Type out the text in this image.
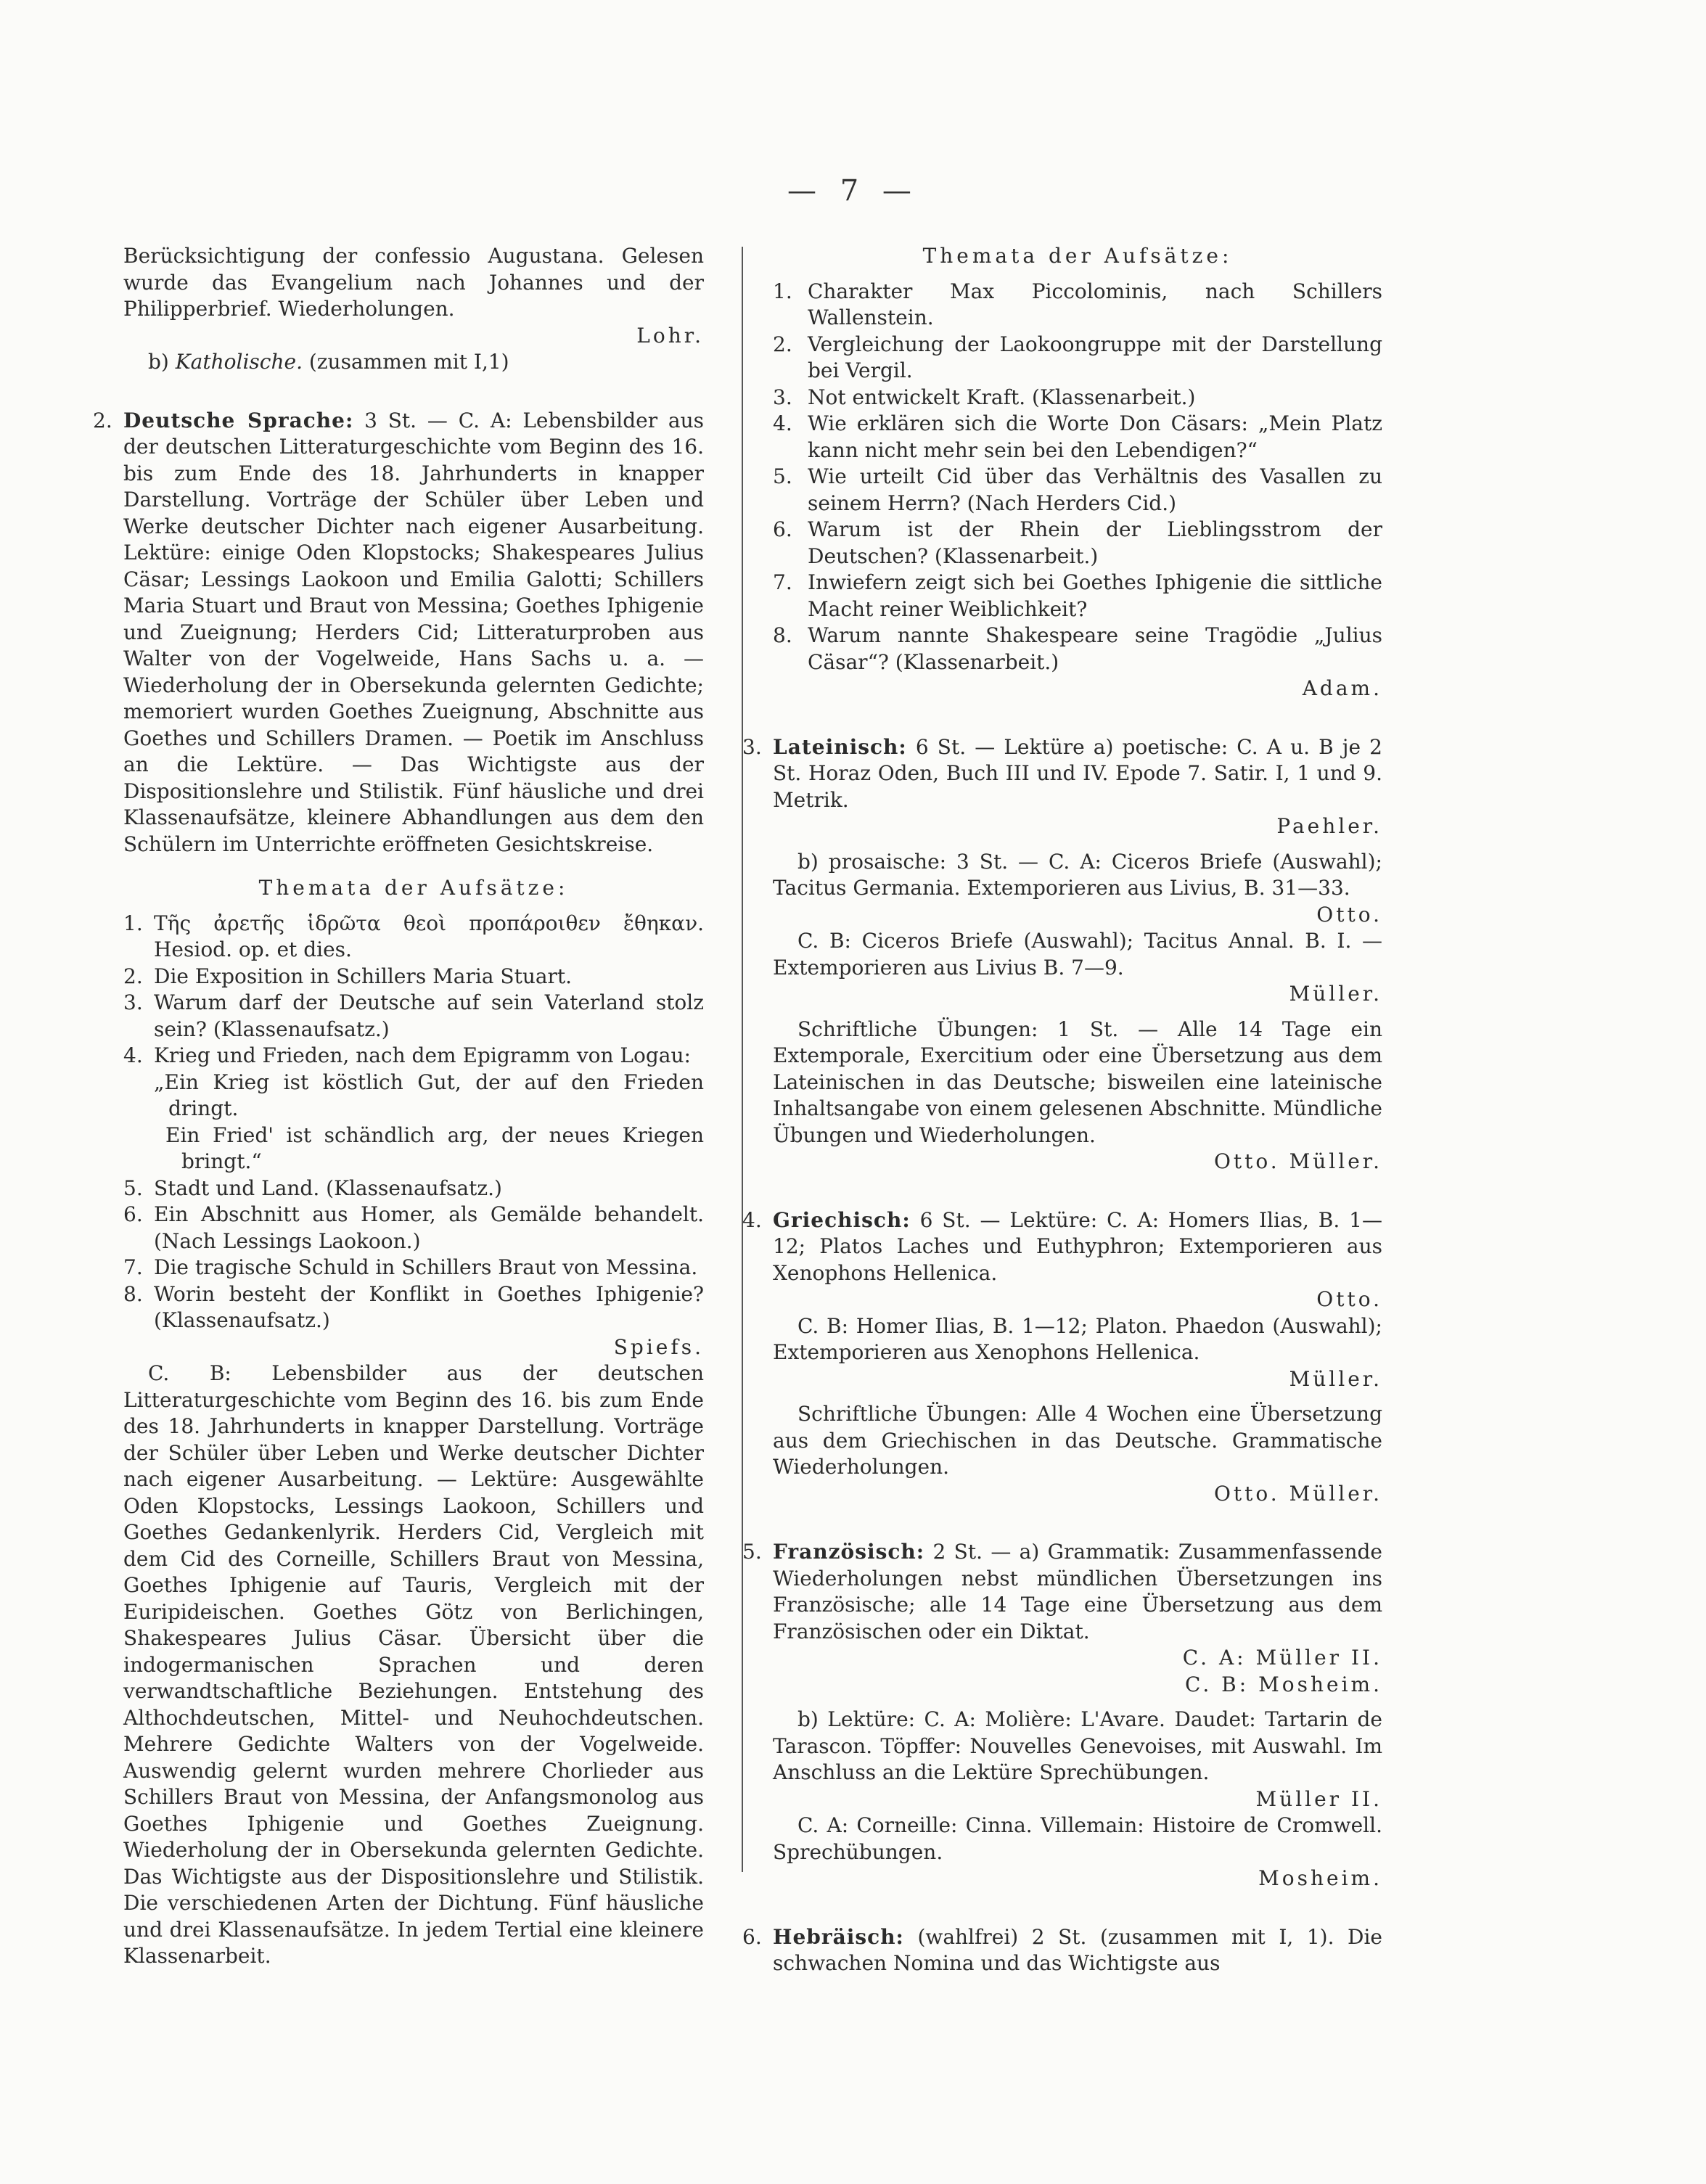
— 7 —

Berücksichtigung der confessio Augustana. Gelesen wurde das Evangelium nach Johannes und der Philipperbrief. Wiederholungen.
Lohr.

b) Katholische. (zusammen mit I,1)

2. Deutsche Sprache: 3 St. — C. A: Lebensbilder aus der deutschen Litteraturgeschichte vom Beginn des 16. bis zum Ende des 18. Jahrhunderts in knapper Darstellung. Vorträge der Schüler über Leben und Werke deutscher Dichter nach eigener Ausarbeitung. Lektüre: einige Oden Klopstocks; Shakespeares Julius Cäsar; Lessings Laokoon und Emilia Galotti; Schillers Maria Stuart und Braut von Messina; Goethes Iphigenie und Zueignung; Herders Cid; Litteraturproben aus Walter von der Vogelweide, Hans Sachs u. a. — Wiederholung der in Obersekunda gelernten Gedichte; memoriert wurden Goethes Zueignung, Abschnitte aus Goethes und Schillers Dramen. — Poetik im Anschluss an die Lektüre. — Das Wichtigste aus der Dispositionslehre und Stilistik. Fünf häusliche und drei Klassenaufsätze, kleinere Abhandlungen aus dem den Schülern im Unterrichte eröffneten Gesichtskreise.

Themata der Aufsätze:

1. Τῆς ἀρετῆς ἱδρῶτα θεοὶ προπάροιθεν ἔθηκαν. Hesiod. op. et dies.
2. Die Exposition in Schillers Maria Stuart.
3. Warum darf der Deutsche auf sein Vaterland stolz sein? (Klassenaufsatz.)
4. Krieg und Frieden, nach dem Epigramm von Logau:

„Ein Krieg ist köstlich Gut, der auf den Frieden dringt.

Ein Fried' ist schändlich arg, der neues Kriegen bringt.“

5. Stadt und Land. (Klassenaufsatz.)
6. Ein Abschnitt aus Homer, als Gemälde behandelt. (Nach Lessings Laokoon.)
7. Die tragische Schuld in Schillers Braut von Messina.
8. Worin besteht der Konflikt in Goethes Iphigenie? (Klassenaufsatz.)

Spiefs.

C. B: Lebensbilder aus der deutschen Litteraturgeschichte vom Beginn des 16. bis zum Ende des 18. Jahrhunderts in knapper Darstellung. Vorträge der Schüler über Leben und Werke deutscher Dichter nach eigener Ausarbeitung. — Lektüre: Ausgewählte Oden Klopstocks, Lessings Laokoon, Schillers und Goethes Gedankenlyrik. Herders Cid, Vergleich mit dem Cid des Corneille, Schillers Braut von Messina, Goethes Iphigenie auf Tauris, Vergleich mit der Euripideischen. Goethes Götz von Berlichingen, Shakespeares Julius Cäsar. Übersicht über die indogermanischen Sprachen und deren verwandtschaftliche Beziehungen. Entstehung des Althochdeutschen, Mittel- und Neuhochdeutschen. Mehrere Gedichte Walters von der Vogelweide. Auswendig gelernt wurden mehrere Chorlieder aus Schillers Braut von Messina, der Anfangsmonolog aus Goethes Iphigenie und Goethes Zueignung. Wiederholung der in Obersekunda gelernten Gedichte. Das Wichtigste aus der Dispositionslehre und Stilistik. Die verschiedenen Arten der Dichtung. Fünf häusliche und drei Klassenaufsätze. In jedem Tertial eine kleinere Klassenarbeit.

Themata der Aufsätze:

1. Charakter Max Piccolominis, nach Schillers Wallenstein.
2. Vergleichung der Laokoongruppe mit der Darstellung bei Vergil.
3. Not entwickelt Kraft. (Klassenarbeit.)
4. Wie erklären sich die Worte Don Cäsars: „Mein Platz kann nicht mehr sein bei den Lebendigen?“
5. Wie urteilt Cid über das Verhältnis des Vasallen zu seinem Herrn? (Nach Herders Cid.)
6. Warum ist der Rhein der Lieblingsstrom der Deutschen? (Klassenarbeit.)
7. Inwiefern zeigt sich bei Goethes Iphigenie die sittliche Macht reiner Weiblichkeit?
8. Warum nannte Shakespeare seine Tragödie „Julius Cäsar“? (Klassenarbeit.)

Adam.

3. Lateinisch: 6 St. — Lektüre a) poetische: C. A u. B je 2 St. Horaz Oden, Buch III und IV. Epode 7. Satir. I, 1 und 9. Metrik.
Paehler.

b) prosaische: 3 St. — C. A: Ciceros Briefe (Auswahl); Tacitus Germania. Extemporieren aus Livius, B. 31—33.
Otto.

C. B: Ciceros Briefe (Auswahl); Tacitus Annal. B. I. — Extemporieren aus Livius B. 7—9.
Müller.

Schriftliche Übungen: 1 St. — Alle 14 Tage ein Extemporale, Exercitium oder eine Übersetzung aus dem Lateinischen in das Deutsche; bisweilen eine lateinische Inhaltsangabe von einem gelesenen Abschnitte. Mündliche Übungen und Wiederholungen.
Otto. Müller.

4. Griechisch: 6 St. — Lektüre: C. A: Homers Ilias, B. 1—12; Platos Laches und Euthyphron; Extemporieren aus Xenophons Hellenica.
Otto.

C. B: Homer Ilias, B. 1—12; Platon. Phaedon (Auswahl); Extemporieren aus Xenophons Hellenica.
Müller.

Schriftliche Übungen: Alle 4 Wochen eine Übersetzung aus dem Griechischen in das Deutsche. Grammatische Wiederholungen.
Otto. Müller.

5. Französisch: 2 St. — a) Grammatik: Zusammenfassende Wiederholungen nebst mündlichen Übersetzungen ins Französische; alle 14 Tage eine Übersetzung aus dem Französischen oder ein Diktat.
C. A: Müller II.
C. B: Mosheim.

b) Lektüre: C. A: Molière: L'Avare. Daudet: Tartarin de Tarascon. Töpffer: Nouvelles Genevoises, mit Auswahl. Im Anschluss an die Lektüre Sprechübungen.
Müller II.

C. A: Corneille: Cinna. Villemain: Histoire de Cromwell. Sprechübungen.
Mosheim.

6. Hebräisch: (wahlfrei) 2 St. (zusammen mit I, 1). Die schwachen Nomina und das Wichtigste aus
